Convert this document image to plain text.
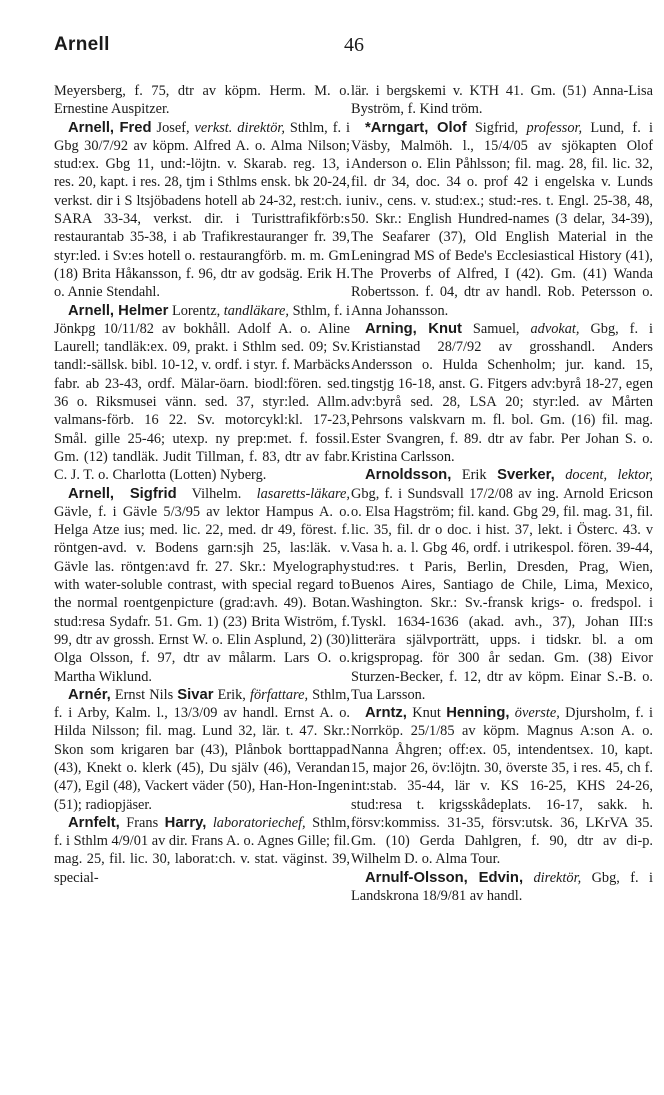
Arnell	46

Meyersberg, f. 75, dtr av köpm. Herm. M. o. Ernestine Auspitzer.

Arnell, Fred Josef, verkst. direktör, Sthlm, f. i Gbg 30/7/92 av köpm. Alfred A. o. Alma Nilson; stud:ex. Gbg 11, und:-löjtn. v. Skarab. reg. 13, i res. 20, kapt. i res. 28, tjm i Sthlms ensk. bk 20-24, verkst. dir i S ltsjöbadens hotell ab 24-32, rest:ch. i SARA 33-34, verkst. dir. i Turisttrafikförb:s restaurantab 35-38, i ab Trafikrestauranger fr. 39, styr:led. i Sv:es hotell o. restaurangförb. m. m. Gm (18) Brita Håkansson, f. 96, dtr av godsäg. Erik H. o. Annie Stendahl.

Arnell, Helmer Lorentz, tandläkare, Sthlm, f. i Jönkpg 10/11/82 av bokhåll. Adolf A. o. Aline Laurell; tandläk:ex. 09, prakt. i Sthlm sed. 09; Sv. tandl:-sällsk. bibl. 10-12, v. ordf. i styr. f. Marbäcks fabr. ab 23-43, ordf. Mälar-öarn. biodl:fören. sed. 36 o. Riksmusei vänn. sed. 37, styr:led. Allm. valmans-förb. 16 22. Sv. motorcykl:kl. 17-23, Smål. gille 25-46; utexp. ny prep:met. f. fossil. Gm. (12) tandläk. Judit Tillman, f. 83, dtr av fabr. C. J. T. o. Charlotta (Lotten) Nyberg.

Arnell, Sigfrid Vilhelm. lasaretts-läkare, Gävle, f. i Gävle 5/3/95 av lektor Hampus A. o. Helga Atze ius; med. lic. 22, med. dr 49, förest. f. röntgen-avd. v. Bodens garn:sjh 25, las:läk. v. Gävle las. röntgen:avd fr. 27. Skr.: Myelography with water-soluble contrast, with special regard to the normal roentgenpicture (grad:avh. 49). Botan. stud:resa Sydafr. 51. Gm. 1) (23) Brita Wiström, f. 99, dtr av grossh. Ernst W. o. Elin Asplund, 2) (30) Olga Olsson, f. 97, dtr av målarm. Lars O. o. Martha Wiklund.

Arnér, Ernst Nils Sivar Erik, författare, Sthlm, f. i Arby, Kalm. l., 13/3/09 av handl. Ernst A. o. Hilda Nilsson; fil. mag. Lund 32, lär. t. 47. Skr.: Skon som krigaren bar (43), Plånbok borttappad (43), Knekt o. klerk (45), Du själv (46), Verandan (47), Egil (48), Vackert väder (50), Han-Hon-Ingen (51); radiopjäser.

Arnfelt, Frans Harry, laboratoriechef, Sthlm, f. i Sthlm 4/9/01 av dir. Frans A. o. Agnes Gille; fil. mag. 25, fil. lic. 30, laborat:ch. v. stat. väginst. 39, special-

lär. i bergskemi v. KTH 41. Gm. (51) Anna-Lisa Byström, f. Kind tröm.

*Arngart, Olof Sigfrid, professor, Lund, f. i Väsby, Malmöh. l., 15/4/05 av sjökapten Olof Anderson o. Elin Påhlsson; fil. mag. 28, fil. lic. 32, fil. dr 34, doc. 34 o. prof 42 i engelska v. Lunds univ., cens. v. stud:ex.; stud:-res. t. Engl. 25-38, 48, 50. Skr.: English Hundred-names (3 delar, 34-39), The Seafarer (37), Old English Material in the Leningrad MS of Bede's Ecclesiastical History (41), The Proverbs of Alfred, I (42). Gm. (41) Wanda Robertsson. f. 04, dtr av handl. Rob. Petersson o. Anna Johansson.

Arning, Knut Samuel, advokat, Gbg, f. i Kristianstad 28/7/92 av grosshandl. Anders Andersson o. Hulda Schenholm; jur. kand. 15, tingstjg 16-18, anst. G. Fitgers adv:byrå 18-27, egen adv:byrå sed. 28, LSA 20; styr:led. av Mårten Pehrsons valskvarn m. fl. bol. Gm. (16) fil. mag. Ester Svangren, f. 89. dtr av fabr. Per Johan S. o. Kristina Carlsson.

Arnoldsson, Erik Sverker, docent, lektor, Gbg, f. i Sundsvall 17/2/08 av ing. Arnold Ericson o. Elsa Hagström; fil. kand. Gbg 29, fil. mag. 31, fil. lic. 35, fil. dr o doc. i hist. 37, lekt. i Österс. 43. v Vasa h. a. l. Gbg 46, ordf. i utrikespol. fören. 39-44, stud:res. t Paris, Berlin, Dresden, Prag, Wien, Buenos Aires, Santiago de Chile, Lima, Mexico, Washington. Skr.: Sv.-fransk krigs- o. fredspol. i Tyskl. 1634-1636 (akad. avh., 37), Johan III:s litterära självporträtt, upps. i tidskr. bl. a om krigspropag. för 300 år sedan. Gm. (38) Eivor Sturzen-Becker, f. 12, dtr av köpm. Einar S.-B. o. Tua Larsson.

Arntz, Knut Henning, överste, Djursholm, f. i Norrköp. 25/1/85 av köpm. Magnus A:son A. o. Nanna Åhgren; off:ex. 05, intendentsex. 10, kapt. 15, major 26, öv:löjtn. 30, överste 35, i res. 45, ch f. int:stab. 35-44, lär v. KS 16-25, KHS 24-26, stud:resa t. krigsskådeplats. 16-17, sakk. h. försv:kommiss. 31-35, försv:utsk. 36, LKrVA 35. Gm. (10) Gerda Dahlgren, f. 90, dtr av di-p. Wilhelm D. o. Alma Tour.

Arnulf-Olsson, Edvin, direktör, Gbg, f. i Landskrona 18/9/81 av handl.
